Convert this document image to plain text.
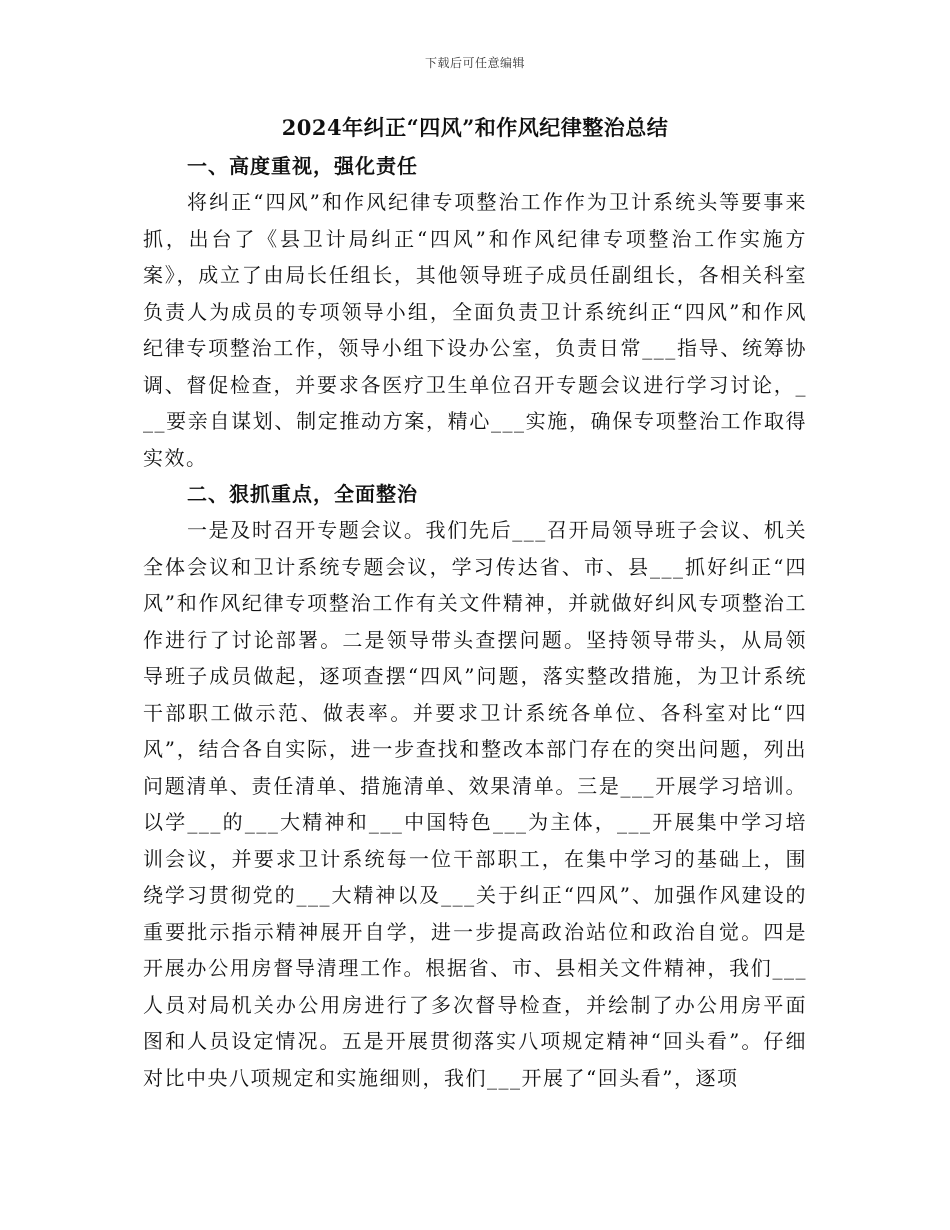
下载后可任意编辑
2024年纠正“四风”和作风纪律整治总结
一、高度重视，强化责任

将纠正“四风”和作风纪律专项整治工作作为卫计系统头等要事来抓，出台了《县卫计局纠正“四风”和作风纪律专项整治工作实施方案》，成立了由局长任组长，其他领导班子成员任副组长，各相关科室负责人为成员的专项领导小组，全面负责卫计系统纠正“四风”和作风纪律专项整治工作，领导小组下设办公室，负责日常___指导、统筹协调、督促检查，并要求各医疗卫生单位召开专题会议进行学习讨论，___要亲自谋划、制定推动方案，精心___实施，确保专项整治工作取得实效。

二、狠抓重点，全面整治

一是及时召开专题会议。我们先后___召开局领导班子会议、机关全体会议和卫计系统专题会议，学习传达省、市、县___抓好纠正“四风”和作风纪律专项整治工作有关文件精神，并就做好纠风专项整治工作进行了讨论部署。二是领导带头查摆问题。坚持领导带头，从局领导班子成员做起，逐项查摆“四风”问题，落实整改措施，为卫计系统干部职工做示范、做表率。并要求卫计系统各单位、各科室对比“四风”，结合各自实际，进一步查找和整改本部门存在的突出问题，列出问题清单、责任清单、措施清单、效果清单。三是___开展学习培训。以学___的___大精神和___中国特色___为主体，___开展集中学习培训会议，并要求卫计系统每一位干部职工，在集中学习的基础上，围绕学习贯彻党的___大精神以及___关于纠正“四风”、加强作风建设的重要批示指示精神展开自学，进一步提高政治站位和政治自觉。四是开展办公用房督导清理工作。根据省、市、县相关文件精神，我们___人员对局机关办公用房进行了多次督导检查，并绘制了办公用房平面图和人员设定情况。五是开展贯彻落实八项规定精神“回头看”。仔细对比中央八项规定和实施细则，我们___开展了“回头看”，逐项
